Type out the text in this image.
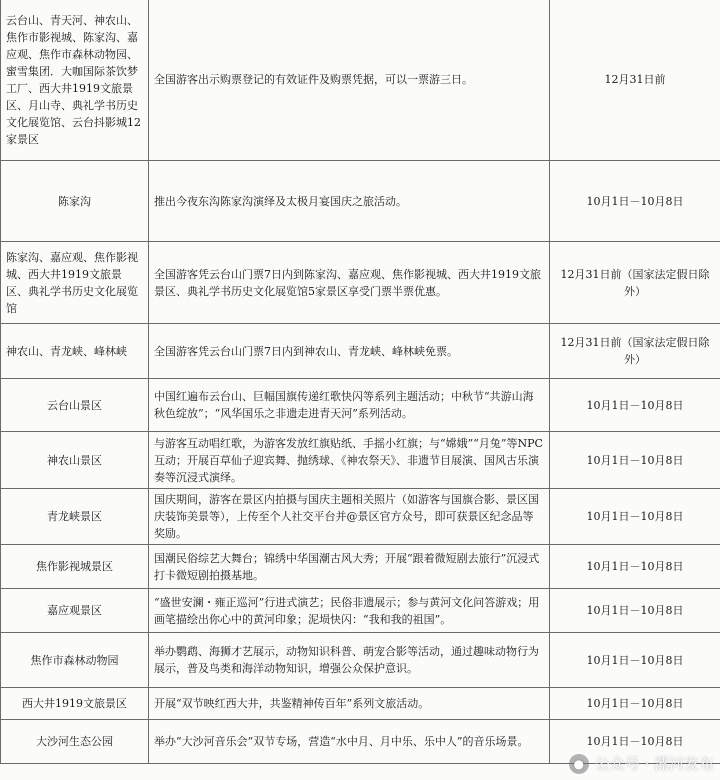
云台山、青天河、神农山、焦作市影视城、陈家沟、嘉应观、焦作市森林动物园、蜜雪集团．大咖国际茶饮梦工厂、西大井1919文旅景区、月山寺、典礼学书历史文化展览馆、云台抖影城12家景区	全国游客出示购票登记的有效证件及购票凭据，可以一票游三日。	12月31日前
陈家沟	推出今夜东沟陈家沟演绎及太极月宴国庆之旅活动。	10月1日－10月8日
陈家沟、嘉应观、焦作影视城、西大井1919文旅景区、典礼学书历史文化展览馆	全国游客凭云台山门票7日内到陈家沟、嘉应观、焦作影视城、西大井1919文旅景区、典礼学书历史文化展览馆5家景区享受门票半票优惠。	12月31日前（国家法定假日除外）
神农山、青龙峡、峰林峡	全国游客凭云台山门票7日内到神农山、青龙峡、峰林峡免票。	12月31日前（国家法定假日除外）
云台山景区	中国红遍布云台山、巨幅国旗传递红歌快闪等系列主题活动；中秋节“共游山海 秋色绽放”；“风华国乐之非遗走进青天河”系列活动。	10月1日－10月8日
神农山景区	与游客互动唱红歌，为游客发放红旗贴纸、手摇小红旗；与“嫦娥”“月兔”等NPC互动；开展百草仙子迎宾舞、抛绣球、《神农祭天》、非遗节目展演、国风古乐演奏等沉浸式演绎。	10月1日－10月8日
青龙峡景区	国庆期间，游客在景区内拍摄与国庆主题相关照片（如游客与国旗合影、景区国庆装饰美景等），上传至个人社交平台并@景区官方众号，即可获景区纪念品等奖励。	10月1日－10月8日
焦作影视城景区	国潮民俗综艺大舞台；锦绣中华国潮古风大秀；开展“跟着微短剧去旅行”沉浸式打卡微短剧拍摄基地。	10月1日－10月8日
嘉应观景区	“盛世安澜・雍正巡河”行进式演艺；民俗非遗展示；参与黄河文化问答游戏；用画笔描绘出你心中的黄河印象；泥埙快闪：“我和我的祖国”。	10月1日－10月8日
焦作市森林动物园	举办鹦鹉、海狮才艺展示，动物知识科普、萌宠合影等活动，通过趣味动物行为展示，普及鸟类和海洋动物知识，增强公众保护意识。	10月1日－10月8日
西大井1919文旅景区	开展“双节映红西大井，共鉴精神传百年”系列文旅活动。	10月1日－10月8日
大沙河生态公园	举办“大沙河音乐会”双节专场，营造“水中月、月中乐、乐中人”的音乐场景。	10月1日－10月8日
● 公众号 · 漯河发布
